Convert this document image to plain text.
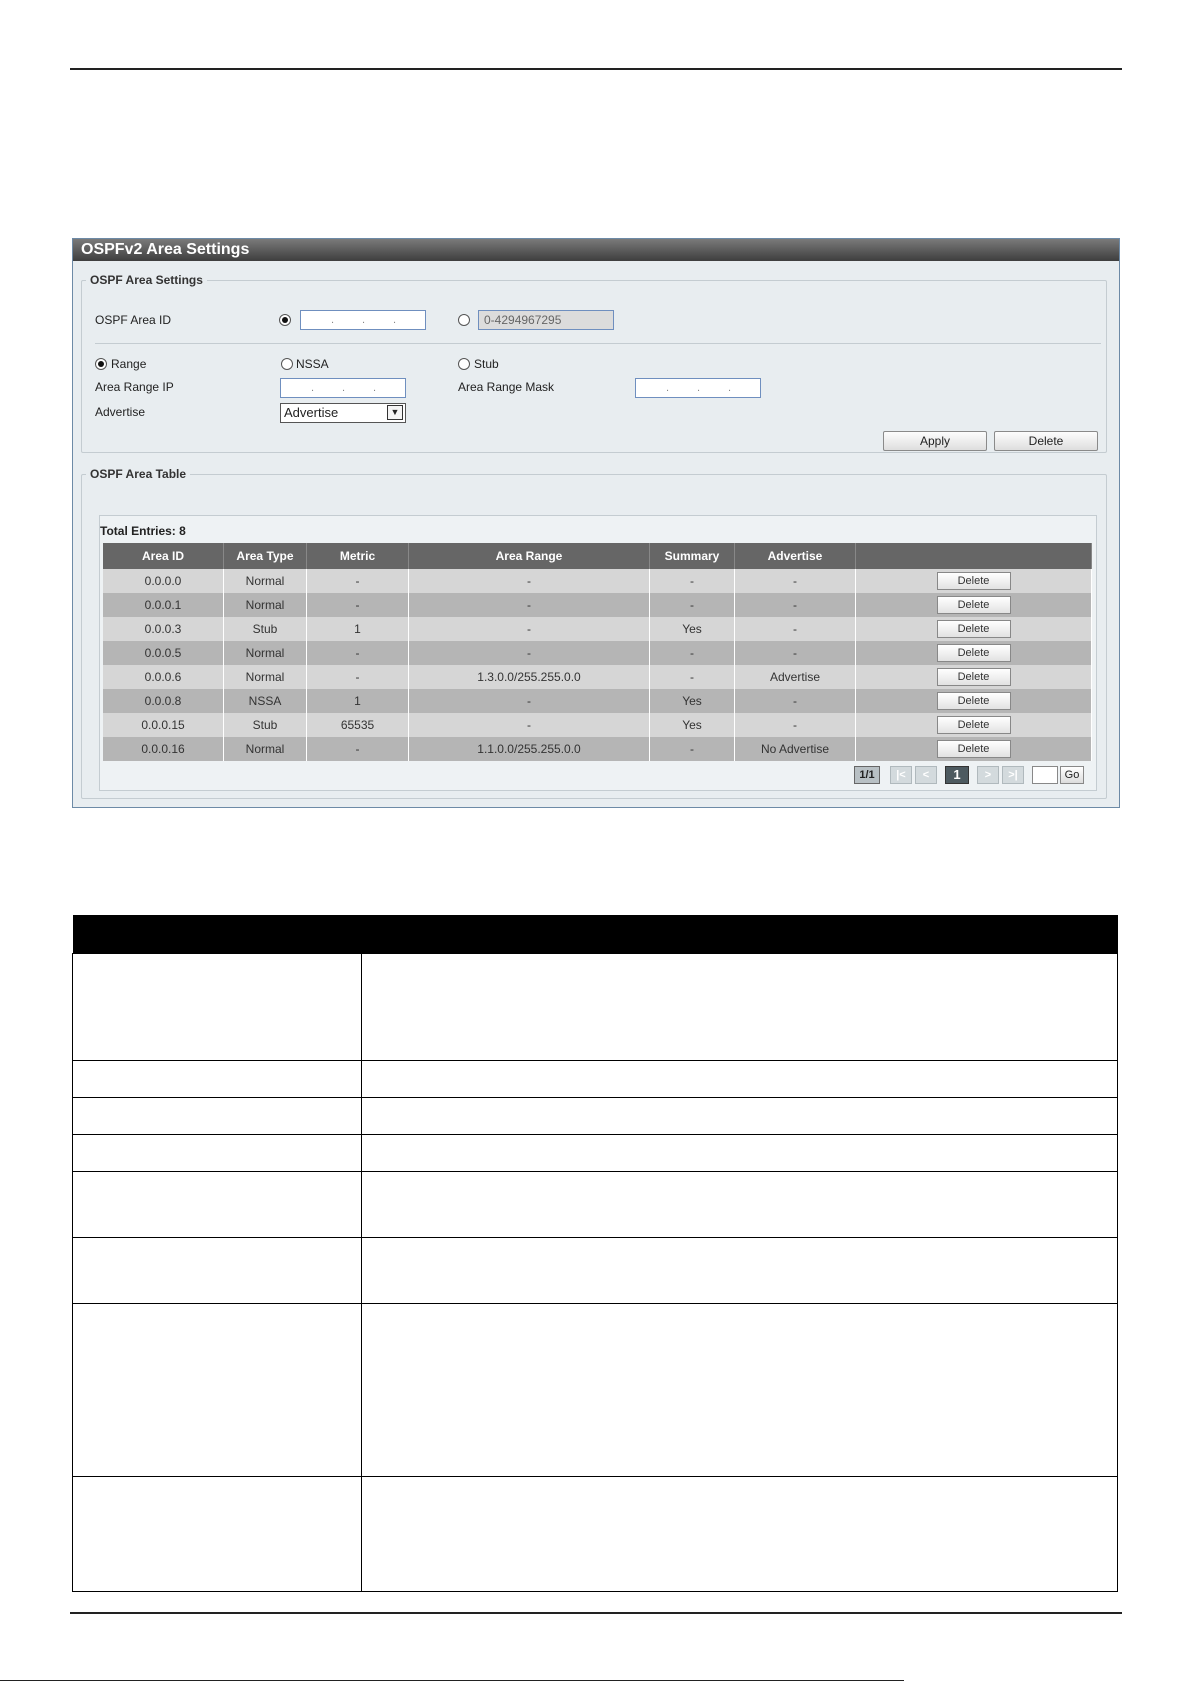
OSPFv2 Area Settings
OSPF Area Settings
OSPF Area ID	.	.	.	0-4294967295
Range	NSSA	Stub
Area Range IP	.	.	.	Area Range Mask	.	.	.
Advertise	Advertise	▼
Apply	Delete
OSPF Area Table
Total Entries: 8
Area ID	Area Type	Metric	Area Range	Summary	Advertise	
0.0.0.0	Normal	-	-	-	-	Delete
0.0.0.1	Normal	-	-	-	-	Delete
0.0.0.3	Stub	1	-	Yes	-	Delete
0.0.0.5	Normal	-	-	-	-	Delete
0.0.0.6	Normal	-	1.3.0.0/255.255.0.0	-	Advertise	Delete
0.0.0.8	NSSA	1	-	Yes	-	Delete
0.0.0.15	Stub	65535	-	Yes	-	Delete
0.0.0.16	Normal	-	1.1.0.0/255.255.0.0	-	No Advertise	Delete
1/1	|<	<	1	>	>|	Go
